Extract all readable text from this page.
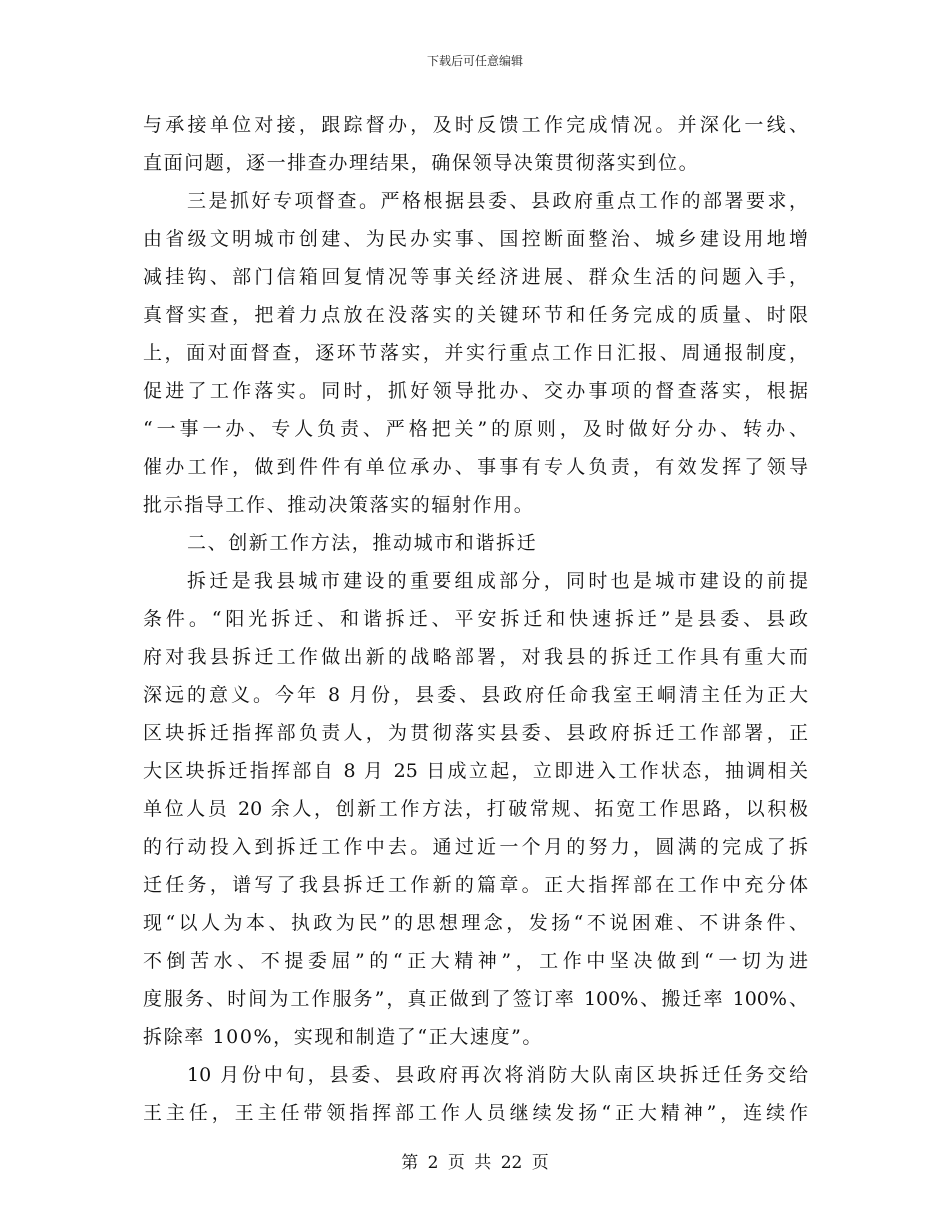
下载后可任意编辑
与承接单位对接，跟踪督办，及时反馈工作完成情况。并深化一线、
直面问题，逐一排查办理结果，确保领导决策贯彻落实到位。
三是抓好专项督查。严格根据县委、县政府重点工作的部署要求，
由省级文明城市创建、为民办实事、国控断面整治、城乡建设用地增
减挂钩、部门信箱回复情况等事关经济进展、群众生活的问题入手，
真督实查，把着力点放在没落实的关键环节和任务完成的质量、时限
上，面对面督查，逐环节落实，并实行重点工作日汇报、周通报制度，
促进了工作落实。同时，抓好领导批办、交办事项的督查落实，根据
“一事一办、专人负责、严格把关”的原则，及时做好分办、转办、
催办工作，做到件件有单位承办、事事有专人负责，有效发挥了领导
批示指导工作、推动决策落实的辐射作用。
二、创新工作方法，推动城市和谐拆迁
拆迁是我县城市建设的重要组成部分，同时也是城市建设的前提
条件。“阳光拆迁、和谐拆迁、平安拆迁和快速拆迁”是县委、县政
府对我县拆迁工作做出新的战略部署，对我县的拆迁工作具有重大而
深远的意义。今年 8 月份，县委、县政府任命我室王峒清主任为正大
区块拆迁指挥部负责人，为贯彻落实县委、县政府拆迁工作部署，正
大区块拆迁指挥部自 8 月 25 日成立起，立即进入工作状态，抽调相关
单位人员 20 余人，创新工作方法，打破常规、拓宽工作思路，以积极
的行动投入到拆迁工作中去。通过近一个月的努力，圆满的完成了拆
迁任务，谱写了我县拆迁工作新的篇章。正大指挥部在工作中充分体
现“以人为本、执政为民”的思想理念，发扬“不说困难、不讲条件、
不倒苦水、不提委屈”的“正大精神”，工作中坚决做到“一切为进
度服务、时间为工作服务”，真正做到了签订率 100%、搬迁率 100%、
拆除率 100%，实现和制造了“正大速度”。
10 月份中旬，县委、县政府再次将消防大队南区块拆迁任务交给
王主任，王主任带领指挥部工作人员继续发扬“正大精神”，连续作
第 2 页 共 22 页
